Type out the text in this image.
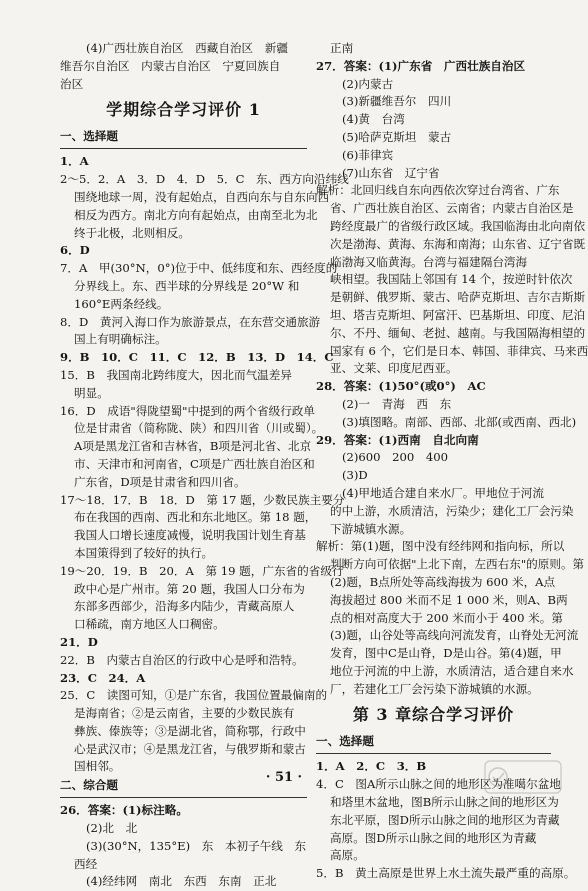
(4)广西壮族自治区　西藏自治区　新疆
维吾尔自治区　内蒙古自治区　宁夏回族自
治区
学期综合学习评价 1
一、选择题
1．A
2～5．2．A　3．D　4．D　5．C　东、西方向沿纬线
围绕地球一周，没有起始点，自西向东与自东向西
相反为西方。南北方向有起始点，由南至北为北
终于北极，北则相反。
6．D
7．A　甲(30°N，0°)位于中、低纬度和东、西经度的
分界线上。东、西半球的分界线是 20°W 和
160°E两条经线。
8．D　黄河入海口作为旅游景点，在东营交通旅游
国上有明确标注。
9．B　10．C　11．C　12．B　13．D　14．C
15．B　我国南北跨纬度大，因北而气温差异
明显。
16．D　成语"得陇望蜀"中提到的两个省级行政单
位是甘肃省（简称陇、陕）和四川省（川或蜀）。
A项是黑龙江省和吉林省，B项是河北省、北京
市、天津市和河南省，C项是广西壮族自治区和
广东省，D项是甘肃省和四川省。
17～18．17．B　18．D　第 17 题，少数民族主要分
布在我国的西南、西北和东北地区。第 18 题，
我国人口增长速度减慢，说明我国计划生育基
本国策得到了较好的执行。
19～20．19．B　20．A　第 19 题，广东省的省级行
政中心是广州市。第 20 题，我国人口分布为
东部多西部少，沿海多内陆少，青藏高原人
口稀疏，南方地区人口稠密。
21．D
22．B　内蒙古自治区的行政中心是呼和浩特。
23．C　24．A
25．C　读图可知，①是广东省，我国位置最偏南的
是海南省；②是云南省，主要的少数民族有
彝族、傣族等；③是湖北省，简称鄂，行政中
心是武汉市；④是黑龙江省，与俄罗斯和蒙古
国相邻。
二、综合题
26．答案：(1)标注略。
(2)北　北
(3)(30°N，135°E)　东　本初子午线　东
西经
(4)经纬网　南北　东西　东南　正北
正南
27．答案：(1)广东省　广西壮族自治区
(2)内蒙古
(3)新疆维吾尔　四川
(4)黄　台湾
(5)哈萨克斯坦　蒙古
(6)菲律宾
(7)山东省　辽宁省
解析：北回归线自东向西依次穿过台湾省、广东
省、广西壮族自治区、云南省；内蒙古自治区是
跨经度最广的省级行政区域。我国临海由北向南依
次是渤海、黄海、东海和南海；山东省、辽宁省既
临渤海又临黄海。台湾与福建隔台湾海
峡相望。我国陆上邻国有 14 个，按逆时针依次
是朝鲜、俄罗斯、蒙古、哈萨克斯坦、吉尔吉斯斯
坦、塔吉克斯坦、阿富汗、巴基斯坦、印度、尼泊
尔、不丹、缅甸、老挝、越南。与我国隔海相望的
国家有 6 个，它们是日本、韩国、菲律宾、马来西
亚、文莱、印度尼西亚。
28．答案：(1)50°(或0°)　AC
(2)一　青海　西　东
(3)填图略。南部、西部、北部(或西南、西北)
29．答案：(1)西南　自北向南
(2)600　200　400
(3)D
(4)甲地适合建自来水厂。甲地位于河流
的中上游，水质清洁，污染少；建化工厂会污染
下游城镇水源。
解析：第(1)题，图中没有经纬网和指向标，所以
判断方向可依据"上北下南，左西右东"的原则。第
(2)题，B点所处等高线海拔为 600 米，A点
海拔超过 800 米而不足 1 000 米，则A、B两
点的相对高度大于 200 米而小于 400 米。第
(3)题，山谷处等高线向河流发育，山脊处无河流
发育，图中C是山脊，D是山谷。第(4)题，甲
地位于河流的中上游，水质清洁，适合建自来水
厂，若建化工厂会污染下游城镇的水源。
第 3 章综合学习评价
一、选择题
1．A　2．C　3．B
4．C　图A所示山脉之间的地形区为准噶尔盆地
和塔里木盆地，图B所示山脉之间的地形区为
东北平原，图D所示山脉之间的地形区为青藏
高原。图D所示山脉之间的地形区为青藏
高原。
5．B　黄土高原是世界上水土流失最严重的高原。
· 51 ·
